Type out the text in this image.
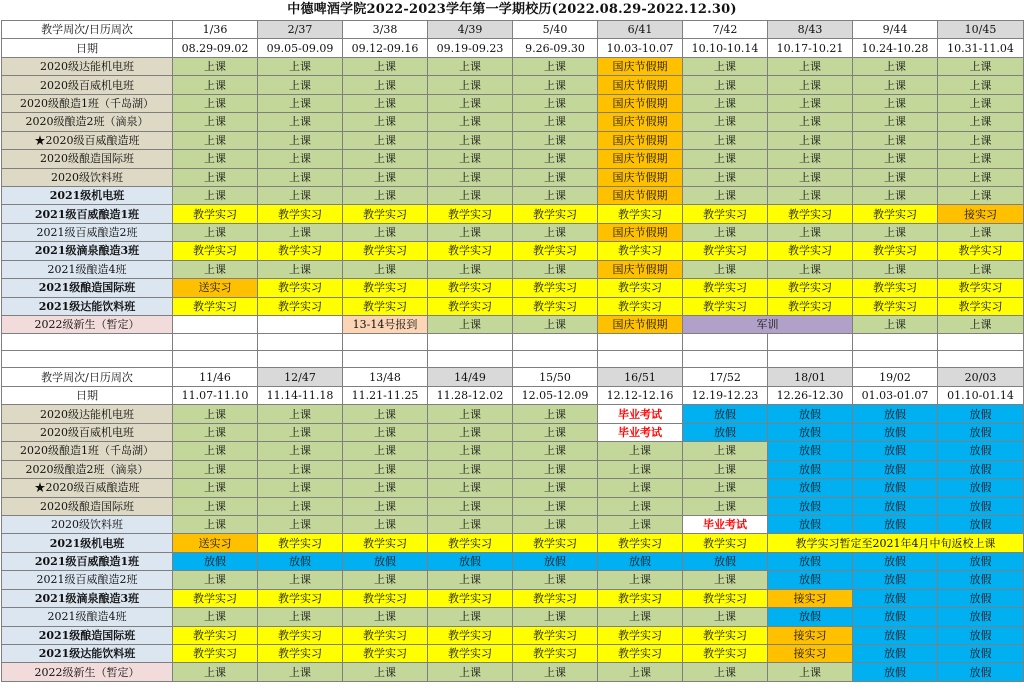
中德啤酒学院2022-2023学年第一学期校历(2022.08.29-2022.12.30)
教学周次/日历周次	1/36	2/37	3/38	4/39	5/40	6/41	7/42	8/43	9/44	10/45
日期	08.29-09.02	09.05-09.09	09.12-09.16	09.19-09.23	9.26-09.30	10.03-10.07	10.10-10.14	10.17-10.21	10.24-10.28	10.31-11.04
2020级达能机电班	上课	上课	上课	上课	上课	国庆节假期	上课	上课	上课	上课
2020级百威机电班	上课	上课	上课	上课	上课	国庆节假期	上课	上课	上课	上课
2020级酿造1班（千岛湖）	上课	上课	上课	上课	上课	国庆节假期	上课	上课	上课	上课
2020级酿造2班（滴泉）	上课	上课	上课	上课	上课	国庆节假期	上课	上课	上课	上课
★2020级百威酿造班	上课	上课	上课	上课	上课	国庆节假期	上课	上课	上课	上课
2020级酿造国际班	上课	上课	上课	上课	上课	国庆节假期	上课	上课	上课	上课
2020级饮料班	上课	上课	上课	上课	上课	国庆节假期	上课	上课	上课	上课
2021级机电班	上课	上课	上课	上课	上课	国庆节假期	上课	上课	上课	上课
2021级百威酿造1班	教学实习	教学实习	教学实习	教学实习	教学实习	教学实习	教学实习	教学实习	教学实习	接实习
2021级百威酿造2班	上课	上课	上课	上课	上课	国庆节假期	上课	上课	上课	上课
2021级滴泉酿造3班	教学实习	教学实习	教学实习	教学实习	教学实习	教学实习	教学实习	教学实习	教学实习	教学实习
2021级酿造4班	上课	上课	上课	上课	上课	国庆节假期	上课	上课	上课	上课
2021级酿造国际班	送实习	教学实习	教学实习	教学实习	教学实习	教学实习	教学实习	教学实习	教学实习	教学实习
2021级达能饮料班	教学实习	教学实习	教学实习	教学实习	教学实习	教学实习	教学实习	教学实习	教学实习	教学实习
2022级新生（暂定）			13-14号报到	上课	上课	国庆节假期	军训		上课	上课

教学周次/日历周次	11/46	12/47	13/48	14/49	15/50	16/51	17/52	18/01	19/02	20/03
日期	11.07-11.10	11.14-11.18	11.21-11.25	11.28-12.02	12.05-12.09	12.12-12.16	12.19-12.23	12.26-12.30	01.03-01.07	01.10-01.14
2020级达能机电班	上课	上课	上课	上课	上课	毕业考试	放假	放假	放假	放假
2020级百威机电班	上课	上课	上课	上课	上课	毕业考试	放假	放假	放假	放假
2020级酿造1班（千岛湖）	上课	上课	上课	上课	上课	上课	上课	放假	放假	放假
2020级酿造2班（滴泉）	上课	上课	上课	上课	上课	上课	上课	放假	放假	放假
★2020级百威酿造班	上课	上课	上课	上课	上课	上课	上课	放假	放假	放假
2020级酿造国际班	上课	上课	上课	上课	上课	上课	上课	放假	放假	放假
2020级饮料班	上课	上课	上课	上课	上课	上课	毕业考试	放假	放假	放假
2021级机电班	送实习	教学实习	教学实习	教学实习	教学实习	教学实习	教学实习	教学实习暂定至2021年4月中旬返校上课		
2021级百威酿造1班	放假	放假	放假	放假	放假	放假	放假	放假	放假	放假
2021级百威酿造2班	上课	上课	上课	上课	上课	上课	上课	放假	放假	放假
2021级滴泉酿造3班	教学实习	教学实习	教学实习	教学实习	教学实习	教学实习	教学实习	接实习	放假	放假
2021级酿造4班	上课	上课	上课	上课	上课	上课	上课	放假	放假	放假
2021级酿造国际班	教学实习	教学实习	教学实习	教学实习	教学实习	教学实习	教学实习	接实习	放假	放假
2021级达能饮料班	教学实习	教学实习	教学实习	教学实习	教学实习	教学实习	教学实习	接实习	放假	放假
2022级新生（暂定）	上课	上课	上课	上课	上课	上课	上课	上课	放假	放假
